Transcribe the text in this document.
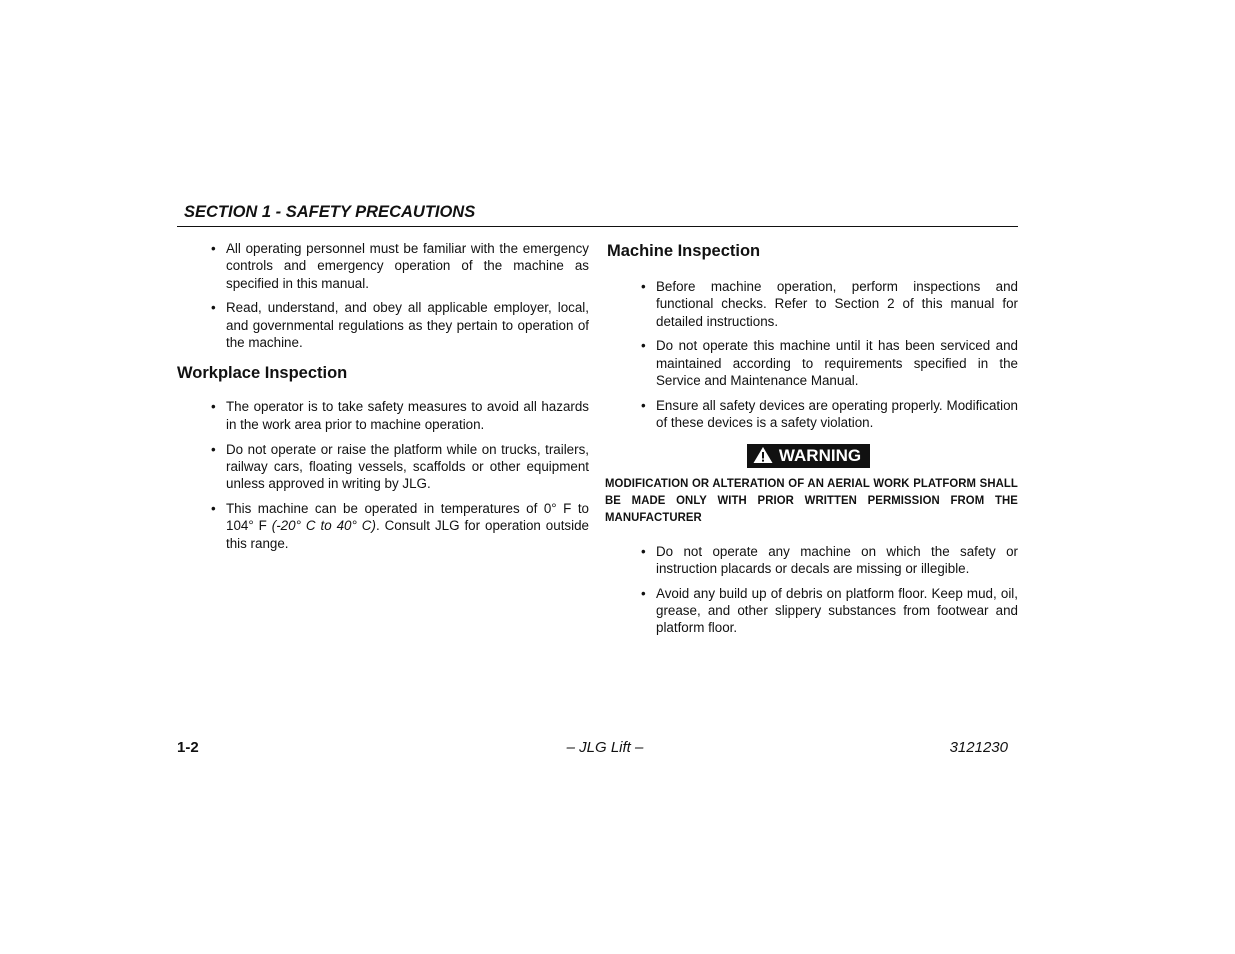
SECTION 1 - SAFETY PRECAUTIONS
• All operating personnel must be familiar with the emergency controls and emergency operation of the machine as specified in this manual.
• Read, understand, and obey all applicable employer, local, and governmental regulations as they pertain to operation of the machine.
Workplace Inspection
• The operator is to take safety measures to avoid all hazards in the work area prior to machine operation.
• Do not operate or raise the platform while on trucks, trailers, railway cars, floating vessels, scaffolds or other equipment unless approved in writing by JLG.
• This machine can be operated in temperatures of 0° F to 104° F (-20° C to 40° C). Consult JLG for operation outside this range.
Machine Inspection
• Before machine operation, perform inspections and functional checks. Refer to Section 2 of this manual for detailed instructions.
• Do not operate this machine until it has been serviced and maintained according to requirements specified in the Service and Maintenance Manual.
• Ensure all safety devices are operating properly. Modification of these devices is a safety violation.
WARNING

MODIFICATION OR ALTERATION OF AN AERIAL WORK PLATFORM SHALL BE MADE ONLY WITH PRIOR WRITTEN PERMISSION FROM THE MANUFACTURER

• Do not operate any machine on which the safety or instruction placards or decals are missing or illegible.
• Avoid any build up of debris on platform floor. Keep mud, oil, grease, and other slippery substances from footwear and platform floor.

1-2	– JLG Lift –	3121230
